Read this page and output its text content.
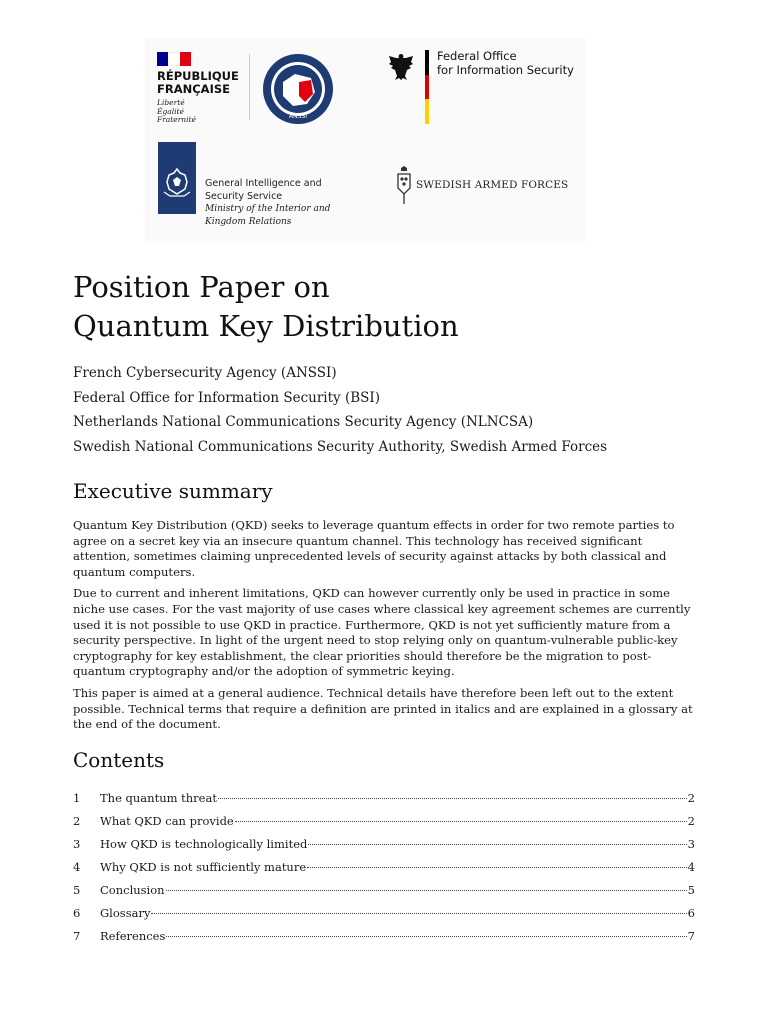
RÉPUBLIQUE
FRANÇAISE
Liberté
Égalité
Fraternité	ANSSI
Federal Office
for Information Security
General Intelligence and
Security Service
Ministry of the Interior and
Kingdom Relations
SWEDISH ARMED FORCES
Position Paper on
Quantum Key Distribution
French Cybersecurity Agency (ANSSI)
Federal Office for Information Security (BSI)
Netherlands National Communications Security Agency (NLNCSA)
Swedish National Communications Security Authority, Swedish Armed Forces
Executive summary

Quantum Key Distribution (QKD) seeks to leverage quantum effects in order for two remote parties to agree on a secret key via an insecure quantum channel. This technology has received significant attention, sometimes claiming unprecedented levels of security against attacks by both classical and quantum computers.

Due to current and inherent limitations, QKD can however currently only be used in practice in some niche use cases. For the vast majority of use cases where classical key agreement schemes are currently used it is not possible to use QKD in practice. Furthermore, QKD is not yet sufficiently mature from a security perspective. In light of the urgent need to stop relying only on quantum-vulnerable public-key cryptography for key establishment, the clear priorities should therefore be the migration to post-quantum cryptography and/or the adoption of symmetric keying.

This paper is aimed at a general audience. Technical details have therefore been left out to the extent possible. Technical terms that require a definition are printed in italics and are explained in a glossary at the end of the document.

Contents
1 The quantum threat	2
2 What QKD can provide	2
3 How QKD is technologically limited	3
4 Why QKD is not sufficiently mature	4
5 Conclusion	5
6 Glossary	6
7 References	7
